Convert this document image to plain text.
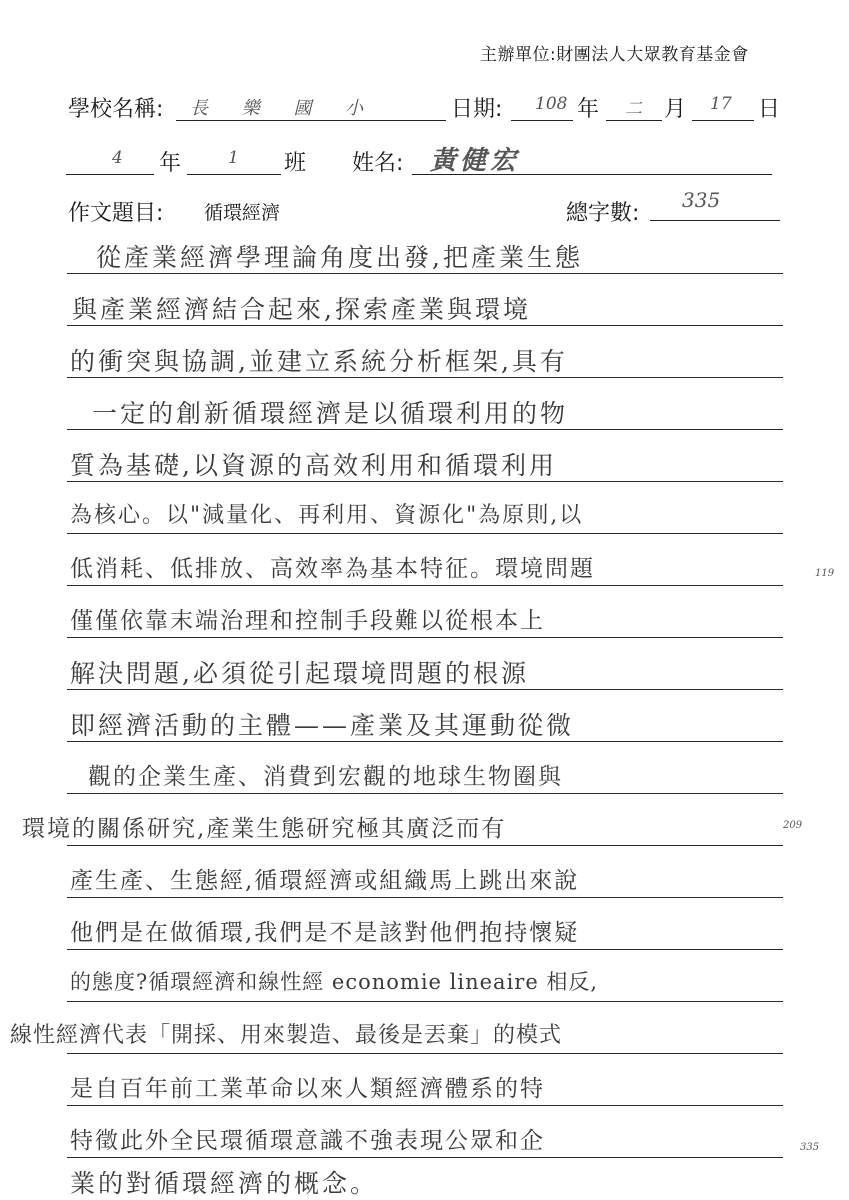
主辦單位:財團法人大眾教育基金會
學校名稱: 長 樂 國 小	日期: 108 年 二 月 17 日
4 年	1 班 姓名: 黃健宏
作文題目: 循環經濟	總字數:
335
從產業經濟學理論角度出發,把產業生態
與產業經濟結合起來,探索產業與環境
的衝突與協調,並建立系統分析框架,具有
一定的創新循環經濟是以循環利用的物
質為基礎,以資源的高效利用和循環利用
為核心。以"減量化、再利用、資源化"為原則,以
低消耗、低排放、高效率為基本特征。環境問題
僅僅依靠末端治理和控制手段難以從根本上
解決問題,必須從引起環境問題的根源
即經濟活動的主體——產業及其運動從微
觀的企業生產、消費到宏觀的地球生物圈與
環境的關係研究,產業生態研究極其廣泛而有
產生產、生態經,循環經濟或組織馬上跳出來說
他們是在做循環,我們是不是該對他們抱持懷疑
的態度?循環經濟和線性經 economie lineaire 相反,
線性經濟代表「開採、用來製造、最後是丟棄」的模式
是自百年前工業革命以來人類經濟體系的特
特徵此外全民環循環意識不強表現公眾和企
業的對循環經濟的概念。
119
209
335
